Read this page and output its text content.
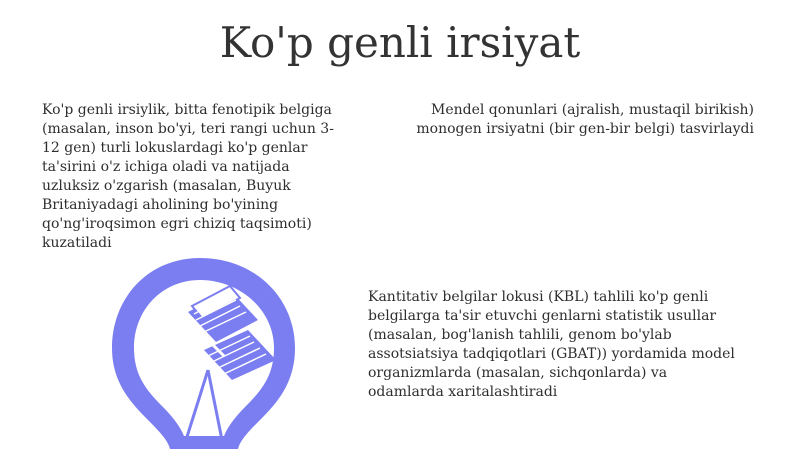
Ko'p genli irsiyat

Ko'p genli irsiylik, bitta fenotipik belgiga (masalan, inson bo'yi, teri rangi uchun 3-12 gen) turli lokuslardagi ko'p genlar ta'sirini o'z ichiga oladi va natijada uzluksiz o'zgarish (masalan, Buyuk Britaniyadagi aholining bo'yining qo'ng'iroqsimon egri chiziq taqsimoti) kuzatiladi

Mendel qonunlari (ajralish, mustaqil birikish) monogen irsiyatni (bir gen-bir belgi) tasvirlaydi

Kantitativ belgilar lokusi (KBL) tahlili ko'p genli belgilarga ta'sir etuvchi genlarni statistik usullar (masalan, bog'lanish tahlili, genom bo'ylab assotsiatsiya tadqiqotlari (GBAT)) yordamida model organizmlarda (masalan, sichqonlarda) va odamlarda xaritalashtiradi
